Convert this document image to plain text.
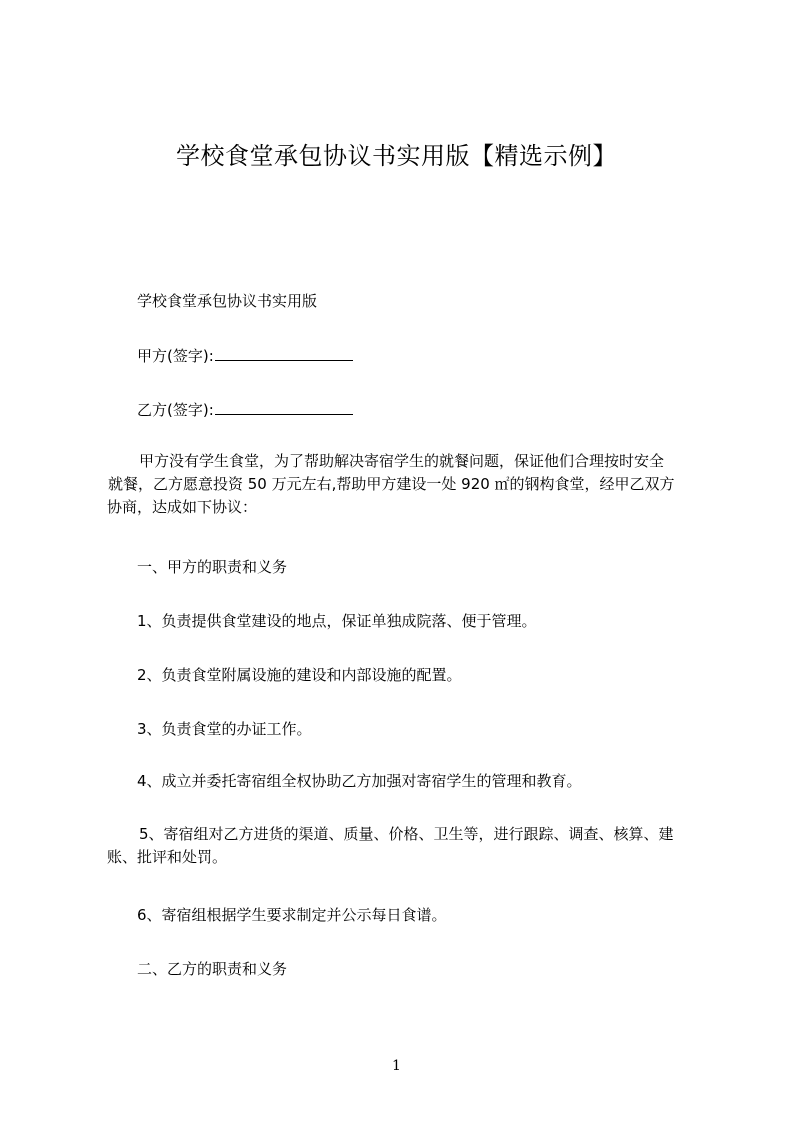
学校食堂承包协议书实用版【精选示例】
学校食堂承包协议书实用版
甲方(签字):
乙方(签字):
甲方没有学生食堂，为了帮助解决寄宿学生的就餐问题，保证他们合理按时安全
就餐，乙方愿意投资 50 万元左右,帮助甲方建设一处 920 ㎡的钢构食堂，经甲乙双方
协商，达成如下协议：
一、甲方的职责和义务
1、负责提供食堂建设的地点，保证单独成院落、便于管理。
2、负责食堂附属设施的建设和内部设施的配置。
3、负责食堂的办证工作。
4、成立并委托寄宿组全权协助乙方加强对寄宿学生的管理和教育。
5、寄宿组对乙方进货的渠道、质量、价格、卫生等，进行跟踪、调查、核算、建
账、批评和处罚。
6、寄宿组根据学生要求制定并公示每日食谱。
二、乙方的职责和义务
1
